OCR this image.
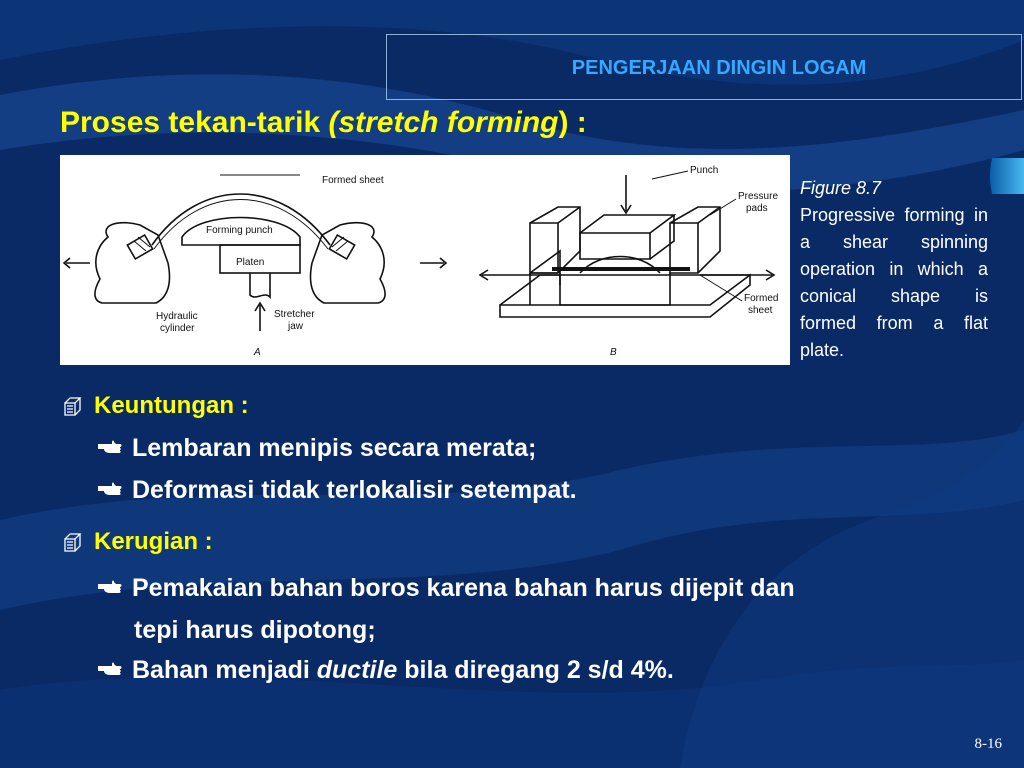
PENGERJAAN DINGIN LOGAM
Proses tekan-tarik (stretch forming) :
Formed sheet
Forming punch
Platen
Hydraulic
cylinder
Stretcher
jaw
A
Punch
Pressure
pads
Formed
sheet
B
Figure 8.7
Progressive forming in a shear spinning operation in which a conical shape is formed from a flat plate.
Keuntungan :
Lembaran menipis secara merata;
Deformasi tidak terlokalisir setempat.
Kerugian :
Pemakaian bahan boros karena bahan harus dijepit dan
tepi harus dipotong;
Bahan menjadi ductile bila diregang 2 s/d 4%.
8-16
